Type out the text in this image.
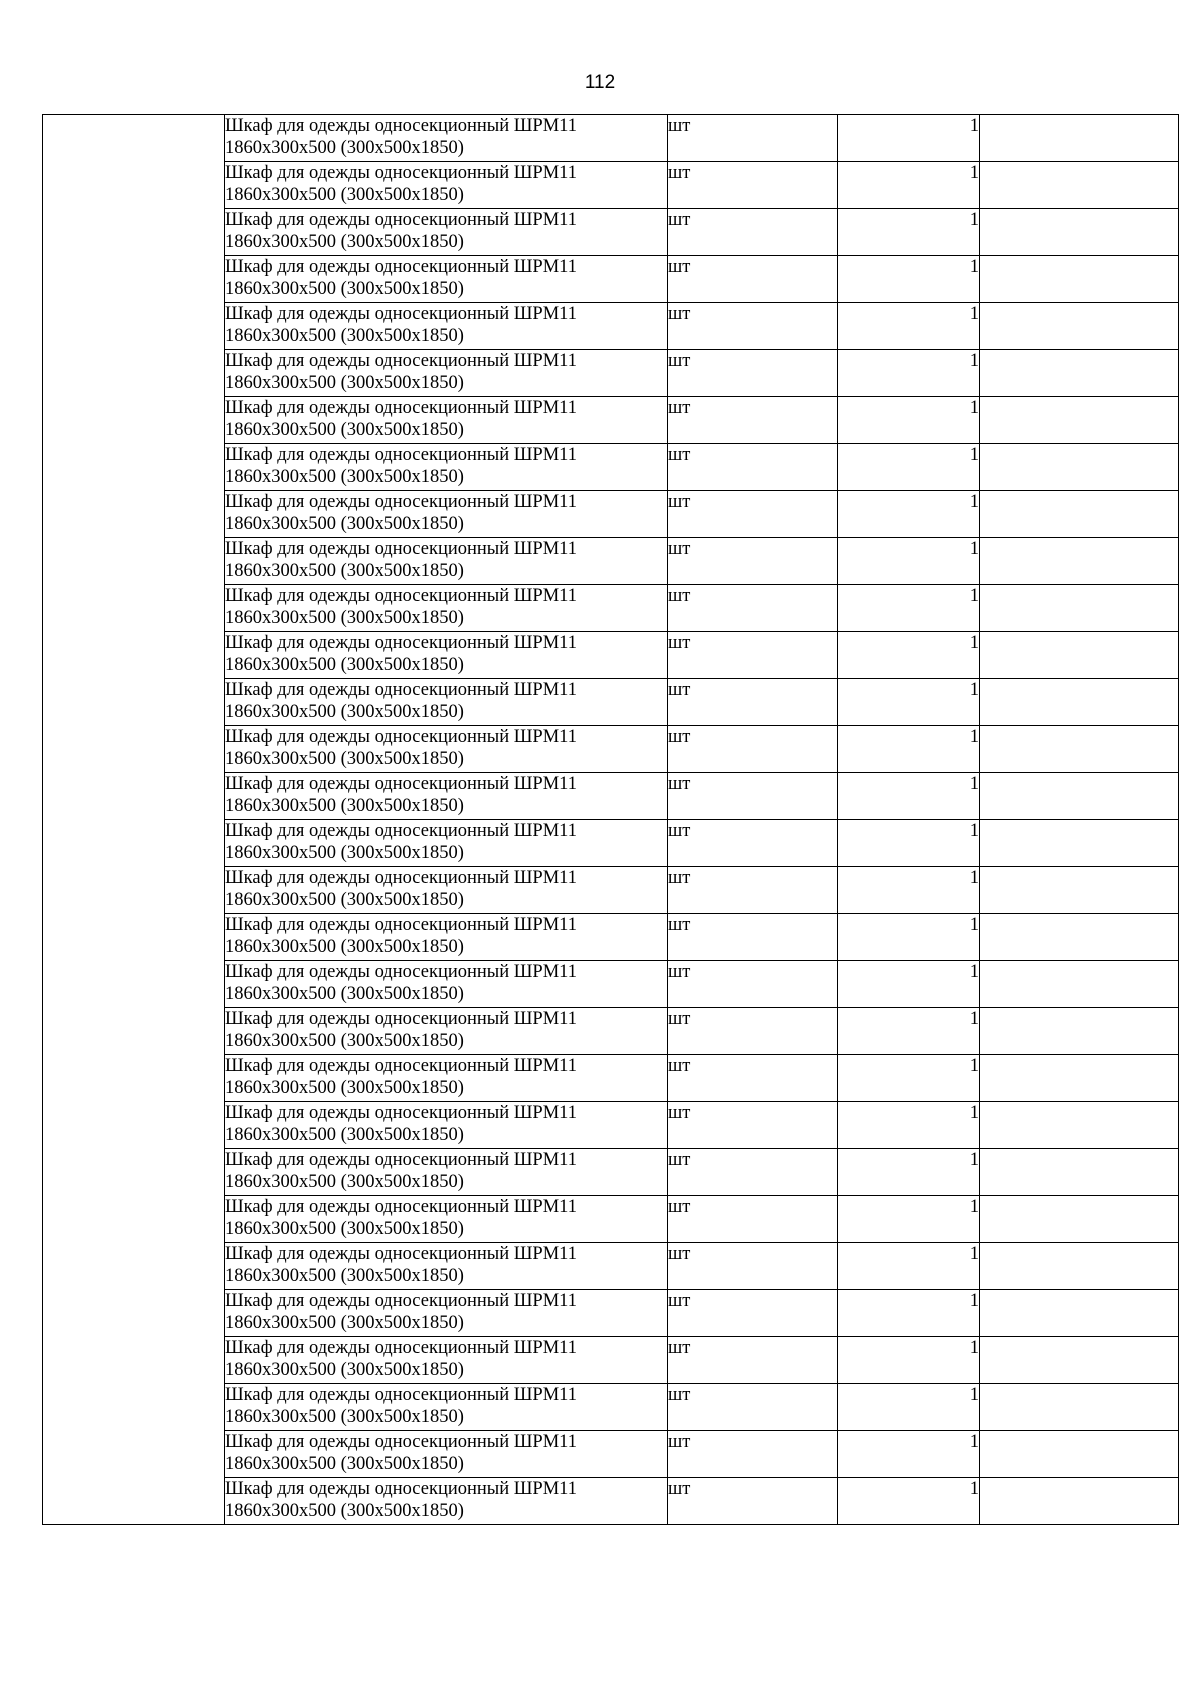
112

	Шкаф для одежды односекционный ШРМ11
1860х300х500 (300х500х1850)	шт	1	

	Шкаф для одежды односекционный ШРМ11
1860х300х500 (300х500х1850)	шт	1	

	Шкаф для одежды односекционный ШРМ11
1860х300х500 (300х500х1850)	шт	1	

	Шкаф для одежды односекционный ШРМ11
1860х300х500 (300х500х1850)	шт	1	

	Шкаф для одежды односекционный ШРМ11
1860х300х500 (300х500х1850)	шт	1	

	Шкаф для одежды односекционный ШРМ11
1860х300х500 (300х500х1850)	шт	1	

	Шкаф для одежды односекционный ШРМ11
1860х300х500 (300х500х1850)	шт	1	

	Шкаф для одежды односекционный ШРМ11
1860х300х500 (300х500х1850)	шт	1	

	Шкаф для одежды односекционный ШРМ11
1860х300х500 (300х500х1850)	шт	1	

	Шкаф для одежды односекционный ШРМ11
1860х300х500 (300х500х1850)	шт	1	

	Шкаф для одежды односекционный ШРМ11
1860х300х500 (300х500х1850)	шт	1	

	Шкаф для одежды односекционный ШРМ11
1860х300х500 (300х500х1850)	шт	1	

	Шкаф для одежды односекционный ШРМ11
1860х300х500 (300х500х1850)	шт	1	

	Шкаф для одежды односекционный ШРМ11
1860х300х500 (300х500х1850)	шт	1	

	Шкаф для одежды односекционный ШРМ11
1860х300х500 (300х500х1850)	шт	1	

	Шкаф для одежды односекционный ШРМ11
1860х300х500 (300х500х1850)	шт	1	

	Шкаф для одежды односекционный ШРМ11
1860х300х500 (300х500х1850)	шт	1	

	Шкаф для одежды односекционный ШРМ11
1860х300х500 (300х500х1850)	шт	1	

	Шкаф для одежды односекционный ШРМ11
1860х300х500 (300х500х1850)	шт	1	

	Шкаф для одежды односекционный ШРМ11
1860х300х500 (300х500х1850)	шт	1	

	Шкаф для одежды односекционный ШРМ11
1860х300х500 (300х500х1850)	шт	1	

	Шкаф для одежды односекционный ШРМ11
1860х300х500 (300х500х1850)	шт	1	

	Шкаф для одежды односекционный ШРМ11
1860х300х500 (300х500х1850)	шт	1	

	Шкаф для одежды односекционный ШРМ11
1860х300х500 (300х500х1850)	шт	1	

	Шкаф для одежды односекционный ШРМ11
1860х300х500 (300х500х1850)	шт	1	

	Шкаф для одежды односекционный ШРМ11
1860х300х500 (300х500х1850)	шт	1	

	Шкаф для одежды односекционный ШРМ11
1860х300х500 (300х500х1850)	шт	1	

	Шкаф для одежды односекционный ШРМ11
1860х300х500 (300х500х1850)	шт	1	

	Шкаф для одежды односекционный ШРМ11
1860х300х500 (300х500х1850)	шт	1	

	Шкаф для одежды односекционный ШРМ11
1860х300х500 (300х500х1850)	шт	1	
